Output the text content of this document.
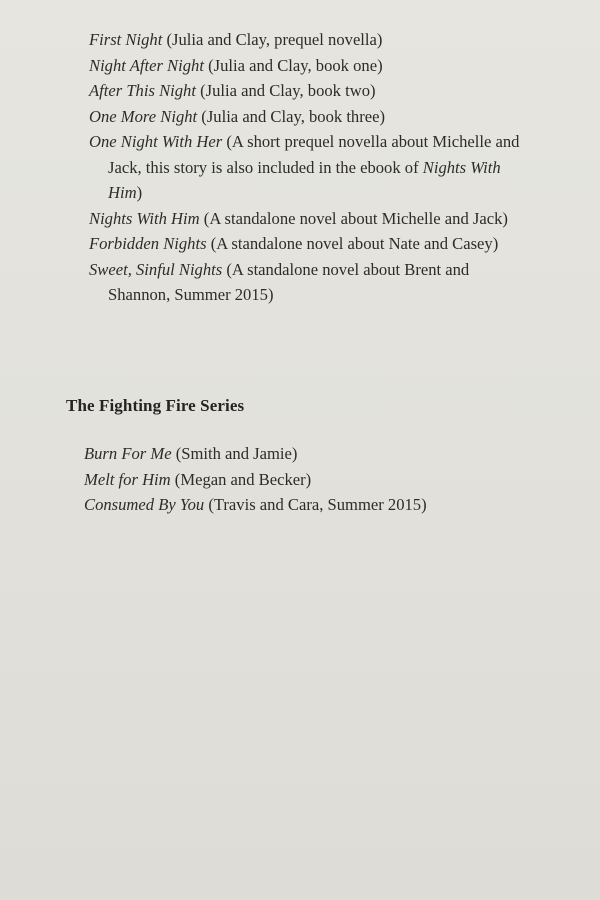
First Night (Julia and Clay, prequel novella)
Night After Night (Julia and Clay, book one)
After This Night (Julia and Clay, book two)
One More Night (Julia and Clay, book three)
One Night With Her (A short prequel novella about Michelle and Jack, this story is also included in the ebook of Nights With Him)
Nights With Him (A standalone novel about Michelle and Jack)
Forbidden Nights (A standalone novel about Nate and Casey)
Sweet, Sinful Nights (A standalone novel about Brent and Shannon, Summer 2015)
The Fighting Fire Series
Burn For Me (Smith and Jamie)
Melt for Him (Megan and Becker)
Consumed By You (Travis and Cara, Summer 2015)
